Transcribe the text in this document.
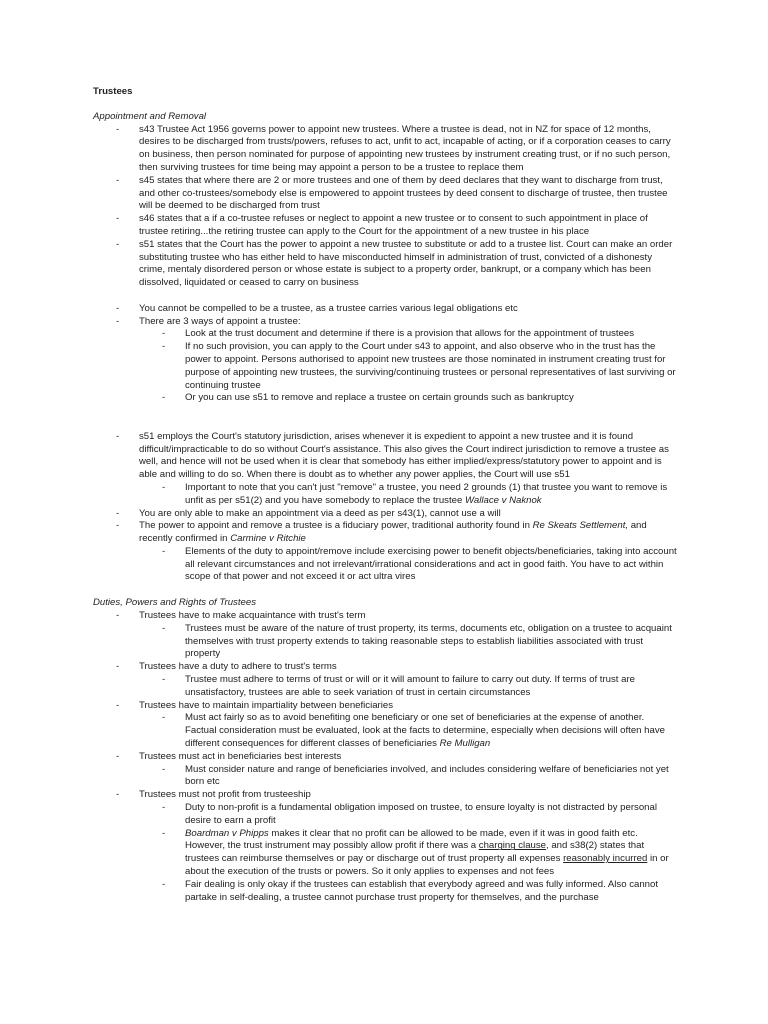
Trustees
Appointment and Removal
- s43 Trustee Act 1956 governs power to appoint new trustees. Where a trustee is dead, not in NZ for space of 12 months, desires to be discharged from trusts/powers, refuses to act, unfit to act, incapable of acting, or if a corporation ceases to carry on business, then person nominated for purpose of appointing new trustees by instrument creating trust, or if no such person, then surviving trustees for time being may appoint a person to be a trustee to replace them
- s45 states that where there are 2 or more trustees and one of them by deed declares that they want to discharge from trust, and other co-trustees/somebody else is empowered to appoint trustees by deed consent to discharge of trustee, then trustee will be deemed to be discharged from trust
- s46 states that a if a co-trustee refuses or neglect to appoint a new trustee or to consent to such appointment in place of trustee retiring...the retiring trustee can apply to the Court for the appointment of a new trustee in his place
- s51 states that the Court has the power to appoint a new trustee to substitute or add to a trustee list. Court can make an order substituting trustee who has either held to have misconducted himself in administration of trust, convicted of a dishonesty crime, mentaly disordered person or whose estate is subject to a property order, bankrupt, or a company which has been dissolved, liquidated or ceased to carry on business
- You cannot be compelled to be a trustee, as a trustee carries various legal obligations etc
- There are 3 ways of appoint a trustee:
- Look at the trust document and determine if there is a provision that allows for the appointment of trustees
- If no such provision, you can apply to the Court under s43 to appoint, and also observe who in the trust has the power to appoint. Persons authorised to appoint new trustees are those nominated in instrument creating trust for purpose of appointing new trustees, the surviving/continuing trustees or personal representatives of last surviving or continuing trustee
- Or you can use s51 to remove and replace a trustee on certain grounds such as bankruptcy
- s51 employs the Court's statutory jurisdiction, arises whenever it is expedient to appoint a new trustee and it is found difficult/impracticable to do so without Court's assistance. This also gives the Court indirect jurisdiction to remove a trustee as well, and hence will not be used when it is clear that somebody has either implied/express/statutory power to appoint and is able and willing to do so. When there is doubt as to whether any power applies, the Court will use s51
- Important to note that you can't just "remove" a trustee, you need 2 grounds (1) that trustee you want to remove is unfit as per s51(2) and you have somebody to replace the trustee Wallace v Naknok
- You are only able to make an appointment via a deed as per s43(1), cannot use a will
- The power to appoint and remove a trustee is a fiduciary power, traditional authority found in Re Skeats Settlement, and recently confirmed in Carmine v Ritchie
- Elements of the duty to appoint/remove include exercising power to benefit objects/beneficiaries, taking into account all relevant circumstances and not irrelevant/irrational considerations and act in good faith. You have to act within scope of that power and not exceed it or act ultra vires
Duties, Powers and Rights of Trustees
- Trustees have to make acquaintance with trust's term
- Trustees must be aware of the nature of trust property, its terms, documents etc, obligation on a trustee to acquaint themselves with trust property extends to taking reasonable steps to establish liabilities associated with trust property
- Trustees have a duty to adhere to trust's terms
- Trustee must adhere to terms of trust or will or it will amount to failure to carry out duty. If terms of trust are unsatisfactory, trustees are able to seek variation of trust in certain circumstances
- Trustees have to maintain impartiality between beneficiaries
- Must act fairly so as to avoid benefiting one beneficiary or one set of beneficiaries at the expense of another. Factual consideration must be evaluated, look at the facts to determine, especially when decisions will often have different consequences for different classes of beneficiaries Re Mulligan
- Trustees must act in beneficiaries best interests
- Must consider nature and range of beneficiaries involved, and includes considering welfare of beneficiaries not yet born etc
- Trustees must not profit from trusteeship
- Duty to non-profit is a fundamental obligation imposed on trustee, to ensure loyalty is not distracted by personal desire to earn a profit
- Boardman v Phipps makes it clear that no profit can be allowed to be made, even if it was in good faith etc. However, the trust instrument may possibly allow profit if there was a charging clause, and s38(2) states that trustees can reimburse themselves or pay or discharge out of trust property all expenses reasonably incurred in or about the execution of the trusts or powers. So it only applies to expenses and not fees
- Fair dealing is only okay if the trustees can establish that everybody agreed and was fully informed. Also cannot partake in self-dealing, a trustee cannot purchase trust property for themselves, and the purchase
